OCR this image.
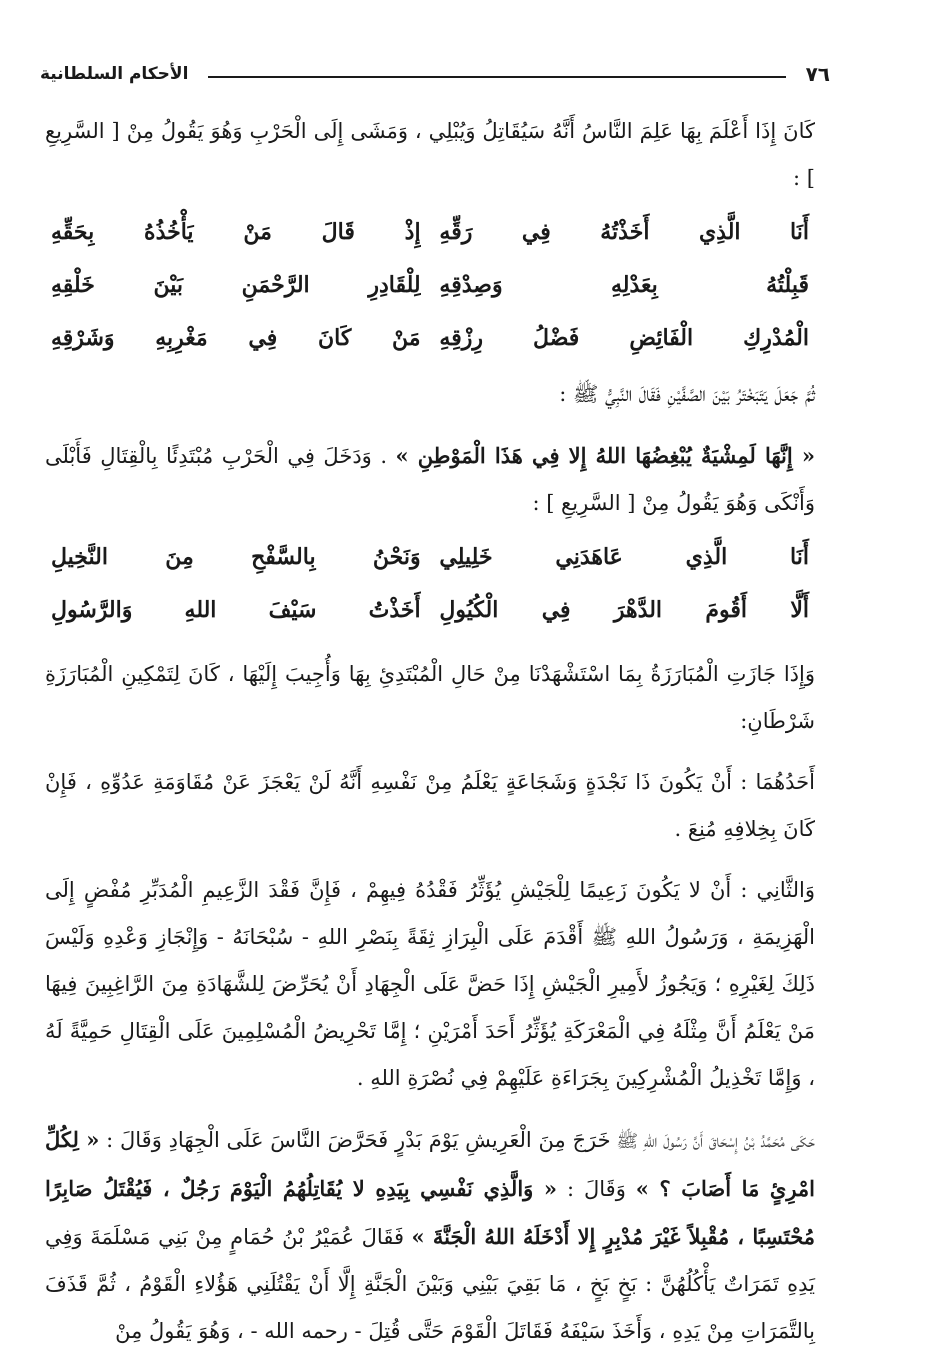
الأحكام السلطانية	٧٦

كَانَ إِذَا أَعْلَمَ بِهَا عَلِمَ النَّاسُ أَنَّهُ سَيُقَاتِلُ وَيُبْلِي ، وَمَشَى إِلَى الْحَرْبِ وَهُوَ يَقُولُ مِنْ [ السَّرِيعِ ] :

أَنَا الَّذِي أَخَذْتُهُ فِي رَقِّهِ
إِذْ قَالَ مَنْ يَأْخُذُهُ بِحَقِّهِ
قَبِلْتُهُ بِعَدْلِهِ وَصِدْقِهِ
لِلْقَادِرِ الرَّحْمَنِ بَيْنَ خَلْقِهِ
الْمُدْرِكِ الْفَائِضِ فَضْلُ رِزْقِهِ
مَنْ كَانَ فِي مَغْرِبِهِ وَشَرْقِهِ

ثُمَّ جَعَلَ يَتَبَخْتَرُ بَيْنَ الصَّفَّيْنِ فَقَالَ النَّبِيُّ ﷺ :

« إِنَّهَا لَمِشْيَةٌ يُبْغِضُهَا اللهُ إِلا فِي هَذَا الْمَوْطِنِ » . وَدَخَلَ فِي الْحَرْبِ مُبْتَدِئًا بِالْقِتَالِ فَأَبْلَى وَأَنْكَى وَهُوَ يَقُولُ مِنْ [ السَّرِيعِ ] :

أَنَا الَّذِي عَاهَدَنِي خَلِيلِي
وَنَحْنُ بِالسَّفْحِ مِنَ النَّخِيلِ
أَلَّا أَقُومَ الدَّهْرَ فِي الْكُيُولِ
أَخَذْتُ سَيْفَ اللهِ وَالرَّسُولِ

وَإِذَا جَازَتِ الْمُبَارَزَةُ بِمَا اسْتَشْهَدْنَا مِنْ حَالِ الْمُبْتَدِئِ بِهَا وَأُجِيبَ إِلَيْهَا ، كَانَ لِتَمْكِينِ الْمُبَارَزَةِ شَرْطَانِ:

أَحَدُهُمَا : أَنْ يَكُونَ ذَا نَجْدَةٍ وَشَجَاعَةٍ يَعْلَمُ مِنْ نَفْسِهِ أَنَّهُ لَنْ يَعْجَزَ عَنْ مُقَاوَمَةِ عَدُوِّهِ ، فَإِنْ كَانَ بِخِلافِهِ مُنِعَ .

وَالثَّانِي : أَنْ لا يَكُونَ زَعِيمًا لِلْجَيْشِ يُؤَثِّرُ فَقْدُهُ فِيهِمْ ، فَإِنَّ فَقْدَ الزَّعِيمِ الْمُدَبِّرِ مُفْضٍ إِلَى الْهَزِيمَةِ ، وَرَسُولُ اللهِ ﷺ أَقْدَمَ عَلَى الْبِرَازِ ثِقَةً بِنَصْرِ اللهِ - سُبْحَانَهُ - وَإِنْجَازِ وَعْدِهِ وَلَيْسَ ذَلِكَ لِغَيْرِهِ ؛ وَيَجُوزُ لأَمِيرِ الْجَيْشِ إِذَا حَضَّ عَلَى الْجِهَادِ أَنْ يُحَرِّضَ لِلشَّهَادَةِ مِنَ الرَّاغِبِينَ فِيهَا مَنْ يَعْلَمُ أَنَّ مِثْلَهُ فِي الْمَعْرَكَةِ يُؤَثِّرُ أَحَدَ أَمْرَيْنِ ؛ إِمَّا تَحْرِيضُ الْمُسْلِمِينَ عَلَى الْقِتَالِ حَمِيَّةً لَهُ ، وَإِمَّا تَخْذِيلُ الْمُشْرِكِينَ بِجَرَاءَةِ عَلَيْهِمْ فِي نُصْرَةِ اللهِ .

حَكَى مُحَمَّدُ بْنُ إِسْحَاقَ أَنَّ رَسُولَ اللهِ ﷺ خَرَجَ مِنَ الْعَرِيشِ يَوْمَ بَدْرٍ فَحَرَّضَ النَّاسَ عَلَى الْجِهَادِ وَقَالَ : « لِكُلِّ امْرِئٍ مَا أَصَابَ ؟ » وَقَالَ : « وَالَّذِي نَفْسِي بِيَدِهِ لا يُقَاتِلُهُمُ الْيَوْمَ رَجُلٌ ، فَيُقْتَلُ صَابِرًا مُحْتَسِبًا ، مُقْبِلاً غَيْرَ مُدْبِرٍ إِلا أَدْخَلَهُ اللهُ الْجَنَّةَ » فَقَالَ عُمَيْرُ بْنُ حُمَامٍ مِنْ بَنِي مَسْلَمَةَ وَفِي يَدِهِ تَمَرَاتٌ يَأْكُلُهُنَّ : بَخٍ بَخٍ ، مَا بَقِيَ بَيْنِي وَبَيْنَ الْجَنَّةِ إِلَّا أَنْ يَقْتُلَنِي هَؤُلاءِ الْقَوْمُ ، ثُمَّ قَذَفَ بِالتَّمَرَاتِ مِنْ يَدِهِ ، وَأَخَذَ سَيْفَهُ فَقَاتَلَ الْقَوْمَ حَتَّى قُتِلَ - رحمه الله - ، وَهُوَ يَقُولُ مِنْ
